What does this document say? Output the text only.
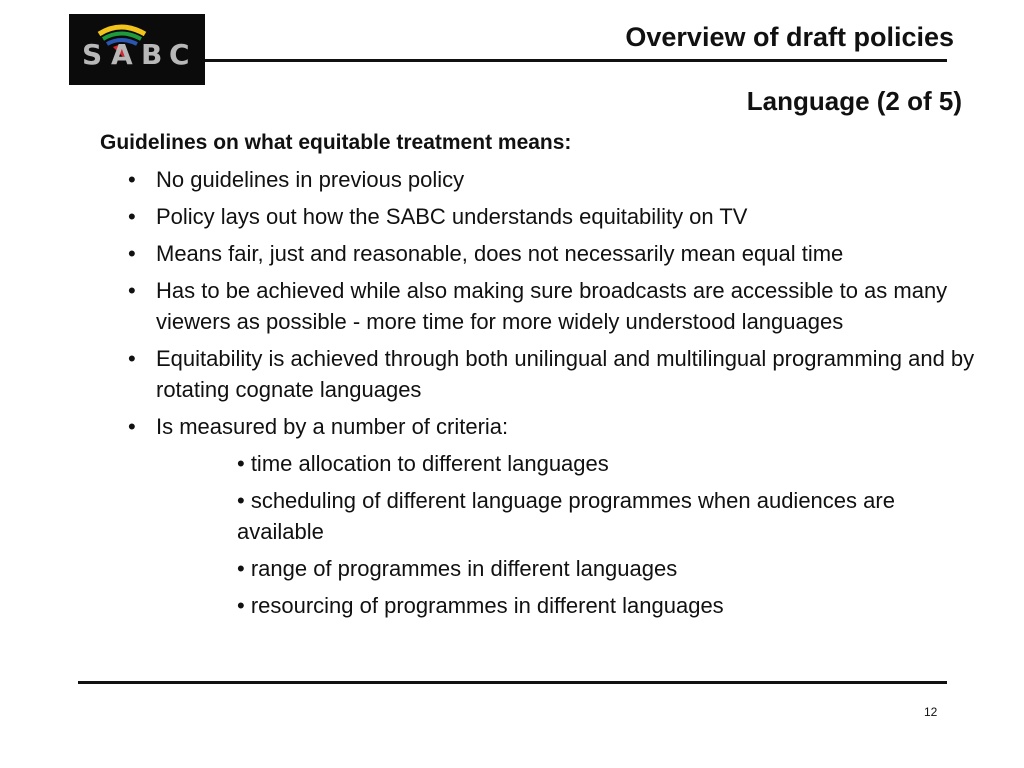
S A B C
Overview of draft policies
Language (2 of 5)
Guidelines on what equitable treatment means:
• No guidelines in previous policy
• Policy lays out how the SABC understands equitability on TV
• Means fair, just and reasonable, does not necessarily mean equal time
• Has to be achieved while also making sure broadcasts are accessible to as many viewers as possible - more time for more widely understood languages
• Equitability is achieved through both unilingual and multilingual programming and by rotating cognate languages
• Is measured by a number of criteria:
• time allocation to different languages
• scheduling of different language programmes when audiences are available
• range of programmes in different languages
• resourcing of programmes in different languages
12
